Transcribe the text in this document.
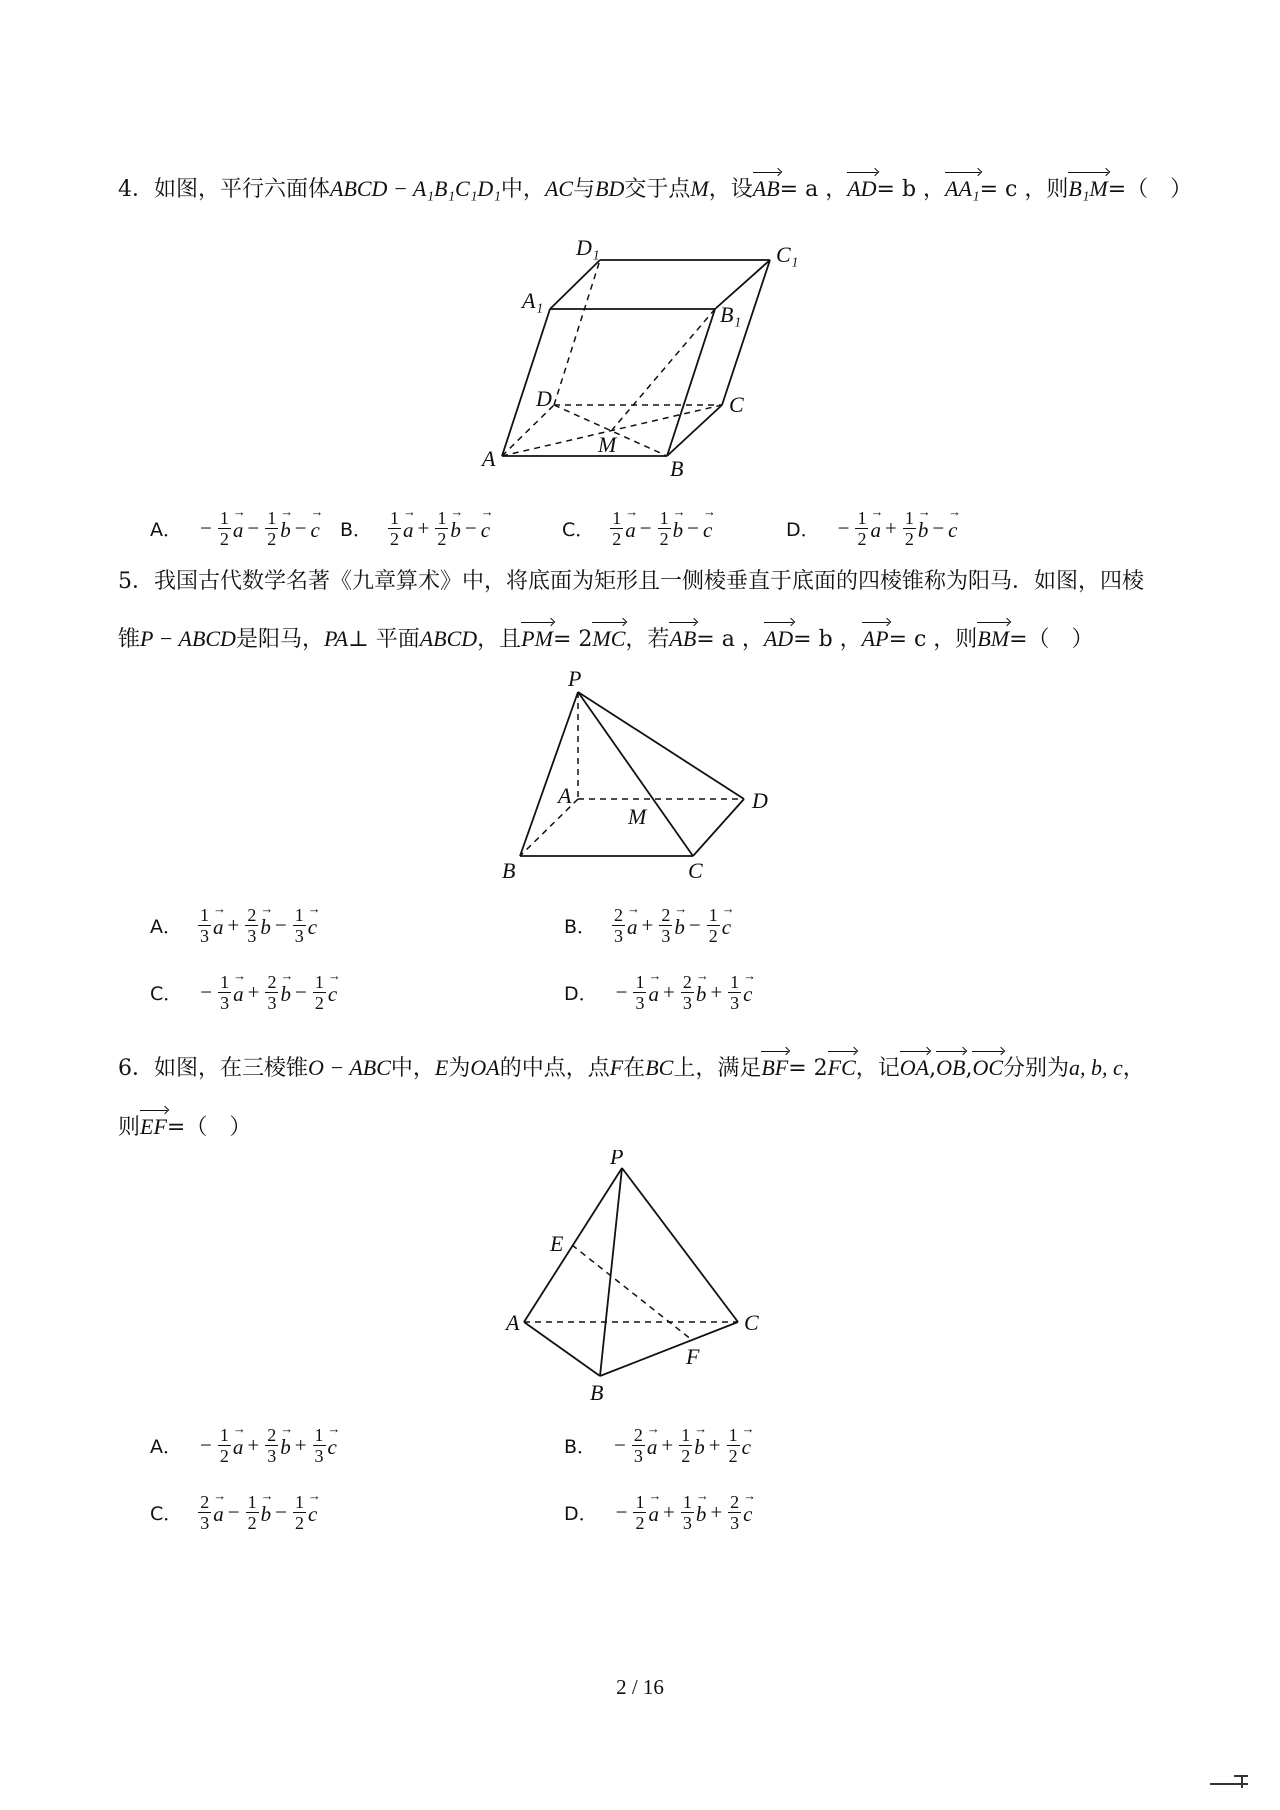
4．如图，平行六面体ABCD − A₁B₁C₁D₁中，AC与BD交于点M，设AB= a ，AD= b ，AA₁= c ，则B₁M=（　）
D₁	C₁
A₁
B₁
D	C
M
A	B
A． − $\frac{1}{2}$
→ $a - \frac{1}{2}$
→ b −
→ c B． $\frac{1}{2}$
→ $a + \frac{1}{2}$
→ b −
→ c	C． $\frac{1}{2}$
→ $a - \frac{1}{2}$
→ b −
→ c	D． − $\frac{1}{2}$
→ $a + \frac{1}{2}$
→ b −
→ c
5．我国古代数学名著《九章算术》中，将底面为矩形且一侧棱垂直于底面的四棱锥称为阳马．如图，四棱
锥P − ABCD是阳马，PA⊥ 平面ABCD，且PM= 2MC，若AB= a ，AD= b ，AP= c ，则BM=（　）
P
A
M
D
B	C
A． $\frac{1}{3}$
→ $a + \frac{2}{3}$
→ $b - \frac{1}{3}$
→ c	B． $\frac{2}{3}$
→ $a + \frac{2}{3}$
→ $b - \frac{1}{2}$
→ c
C． − $\frac{1}{3}$
→ $a + \frac{2}{3}$
→ $b - \frac{1}{2}$
→ c	D． − $\frac{1}{3}$
→ $a + \frac{2}{3}$
→ $b + \frac{1}{3}$
→ c
6．如图，在三棱锥O − ABC中，E为OA的中点，点F在BC上，满足BF= 2FC，记OA,OB,OC分别为a, b, c，
则EF=（　）
P
E
A	C
F
B
A． − $\frac{1}{2}$
→ $a + \frac{2}{3}$
→ $b + \frac{1}{3}$
→ c	B． − $\frac{2}{3}$
→ $a + \frac{1}{2}$
→ $b + \frac{1}{2}$
→ c
C． $\frac{2}{3}$
→ $a - \frac{1}{2}$
→ $b - \frac{1}{2}$
→ c	D． − $\frac{1}{2}$
→ $a + \frac{1}{3}$
→ $b + \frac{2}{3}$
→ c
2 / 16
